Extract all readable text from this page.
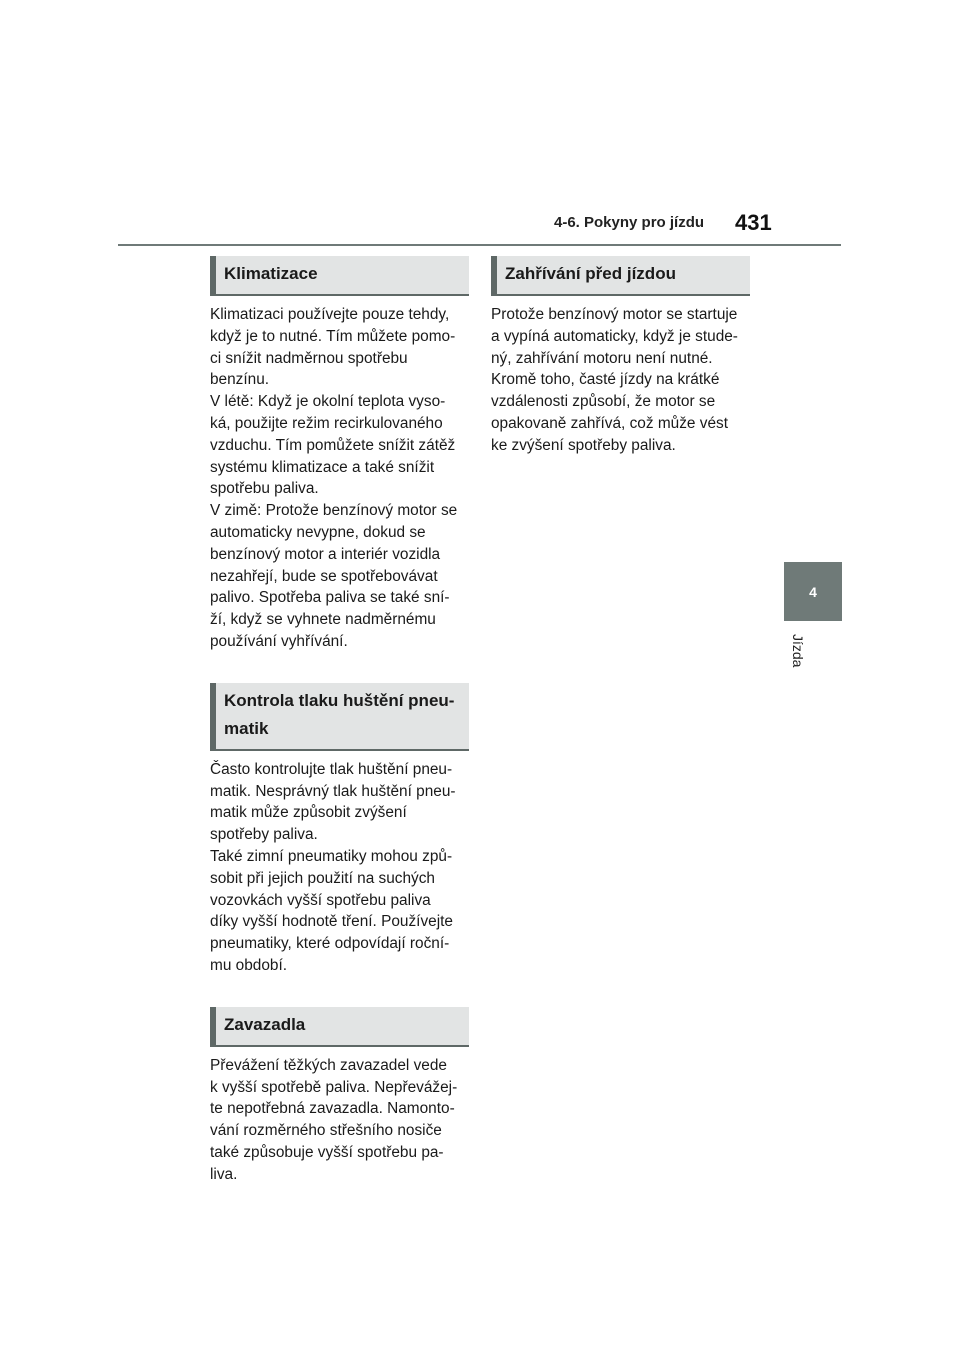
4-6. Pokyny pro jízdu 431
4
Jízda
Klimatizace
Klimatizaci používejte pouze tehdy,
když je to nutné. Tím můžete pomo-
ci snížit nadměrnou spotřebu benzínu.
V létě: Když je okolní teplota vyso-
ká, použijte režim recirkulovaného
vzduchu. Tím pomůžete snížit zátěž
systému klimatizace a také snížit
spotřebu paliva.
V zimě: Protože benzínový motor se
automaticky nevypne, dokud se
benzínový motor a interiér vozidla
nezahřejí, bude se spotřebovávat
palivo. Spotřeba paliva se také sní-
ží, když se vyhnete nadměrnému
používání vyhřívání.
Kontrola tlaku huštění pneu-
matik
Často kontrolujte tlak huštění pneu-
matik. Nesprávný tlak huštění pneu-
matik může způsobit zvýšení
spotřeby paliva.
Také zimní pneumatiky mohou způ-
sobit při jejich použití na suchých
vozovkách vyšší spotřebu paliva
díky vyšší hodnotě tření. Používejte
pneumatiky, které odpovídají roční-
mu období.
Zavazadla
Převážení těžkých zavazadel vede
k vyšší spotřebě paliva. Nepřevážej-
te nepotřebná zavazadla. Namonto-
vání rozměrného střešního nosiče
také způsobuje vyšší spotřebu pa-
liva.
Zahřívání před jízdou
Protože benzínový motor se startuje
a vypíná automaticky, když je stude-
ný, zahřívání motoru není nutné.
Kromě toho, časté jízdy na krátké
vzdálenosti způsobí, že motor se
opakovaně zahřívá, což může vést
ke zvýšení spotřeby paliva.
